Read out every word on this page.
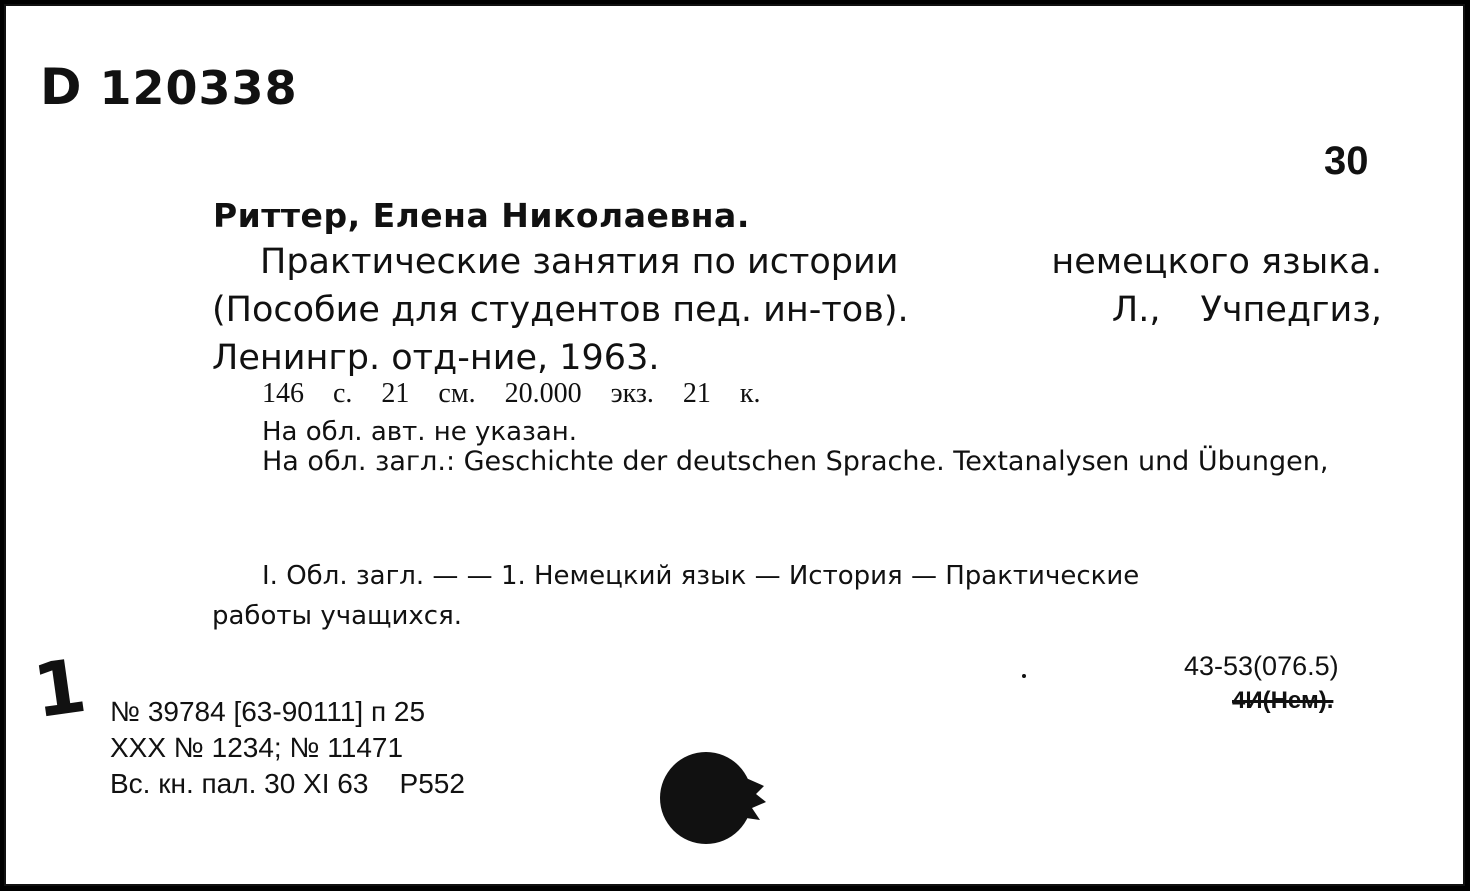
D 120338
30
Риттер, Елена Николаевна.
Практические занятия по истории	немецкого языка.
(Пособие для студентов пед. ин-тов).	Л., Учпедгиз,
Ленингр. отд-ние, 1963.
146 с. 21 см. 20.000 экз. 21 к.
На обл. авт. не указан.
На обл. загл.: Geschichte der deutschen Sprache. Textanalysen und Übungen,
I. Обл. загл. — — 1. Немецкий язык — История — Практические
работы учащихся.
43-53(076.5)
4И(Нем).
1 № 39784 [63-90111] п 25
XXX № 1234; № 11471
Вс. кн. пал. 30 XI 63    Р552
